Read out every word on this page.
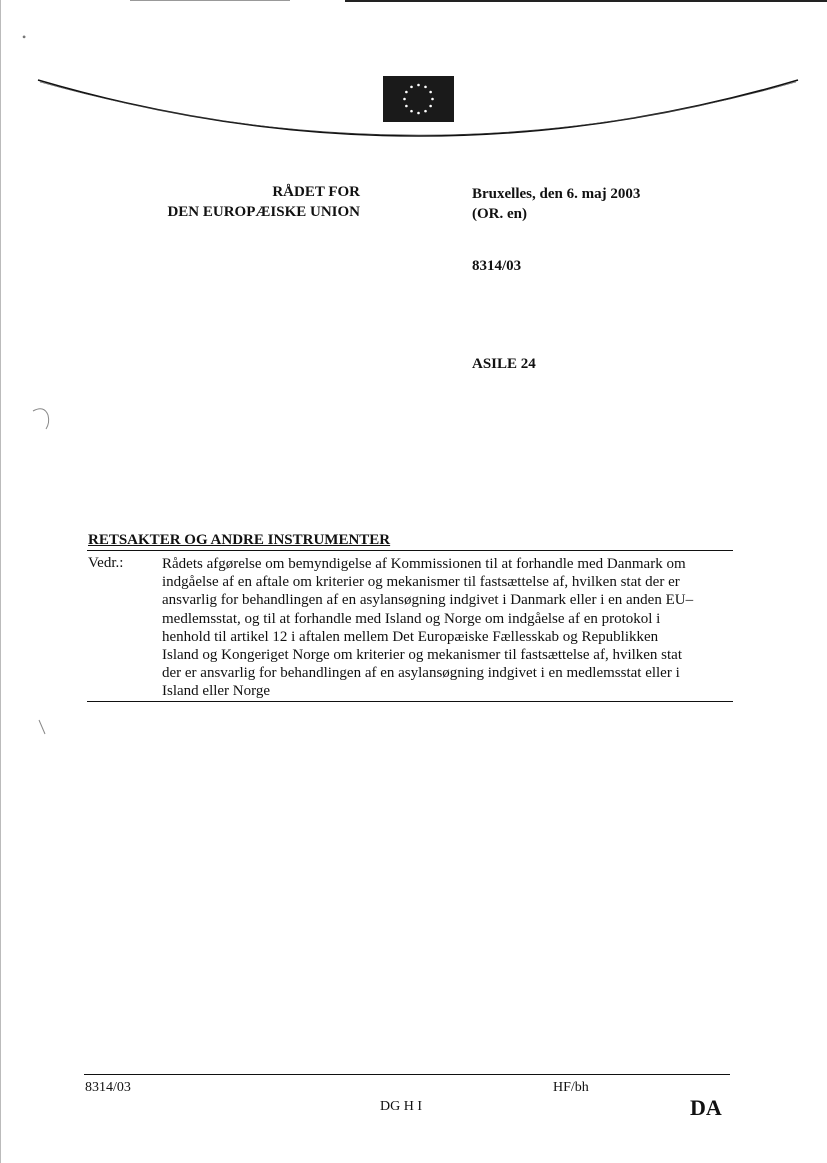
RÅDET FOR
DEN EUROPÆISKE UNION
Bruxelles, den 6. maj 2003
(OR. en)
8314/03
ASILE 24
•
RETSAKTER OG ANDRE INSTRUMENTER
Vedr.:	Rådets afgørelse om bemyndigelse af Kommissionen til at forhandle med Danmark om
indgåelse af en aftale om kriterier og mekanismer til fastsættelse af, hvilken stat der er
ansvarlig for behandlingen af en asylansøgning indgivet i Danmark eller i en anden EU–
medlemsstat, og til at forhandle med Island og Norge om indgåelse af en protokol i
henhold til artikel 12 i aftalen mellem Det Europæiske Fællesskab og Republikken
Island og Kongeriget Norge om kriterier og mekanismer til fastsættelse af, hvilken stat
der er ansvarlig for behandlingen af en asylansøgning indgivet i en medlemsstat eller i
Island eller Norge
8314/03	HF/bh
DG H I	DA
